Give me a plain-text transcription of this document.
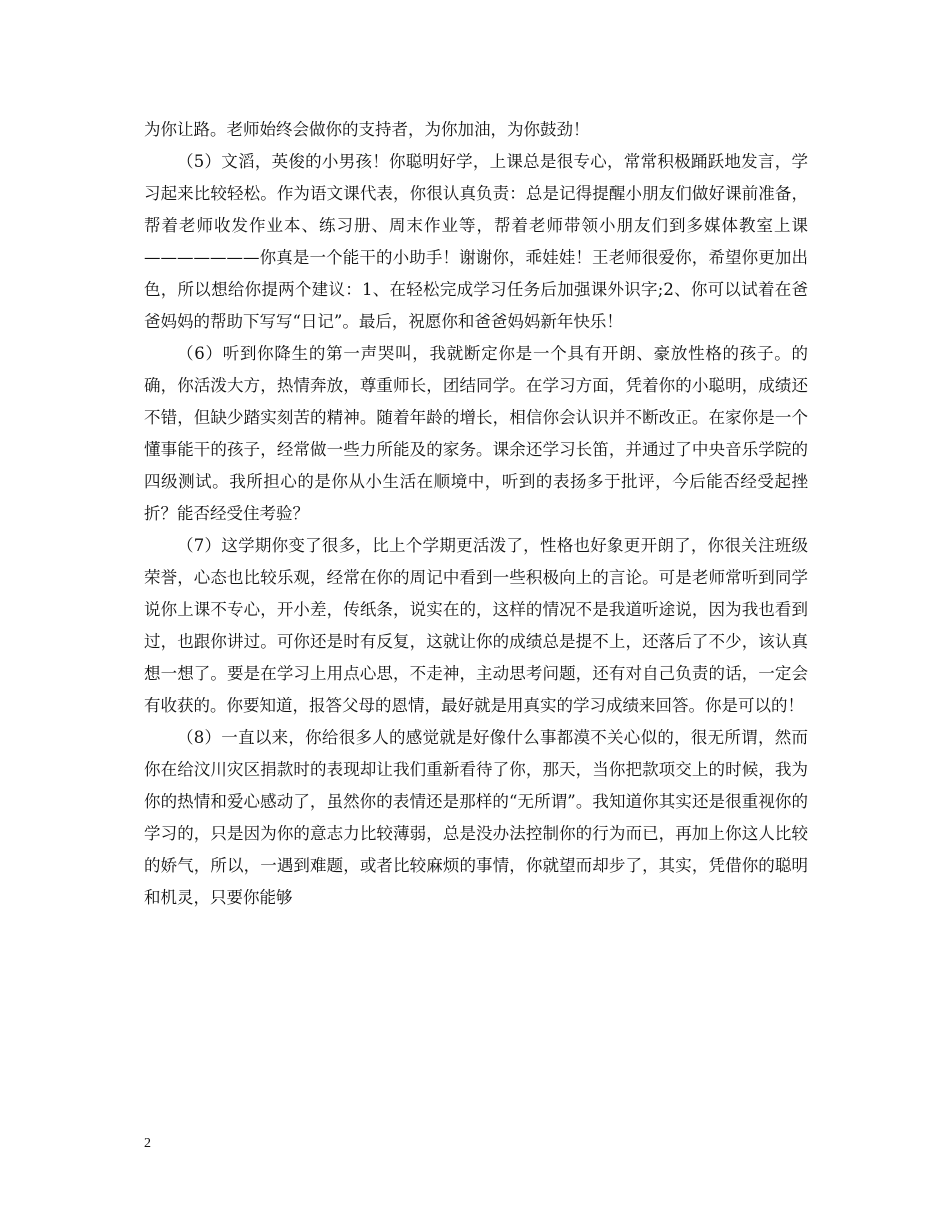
为你让路。老师始终会做你的支持者，为你加油，为你鼓劲！

（5）文滔，英俊的小男孩！你聪明好学，上课总是很专心，常常积极踊跃地发言，学习起来比较轻松。作为语文课代表，你很认真负责：总是记得提醒小朋友们做好课前准备，帮着老师收发作业本、练习册、周末作业等，帮着老师带领小朋友们到多媒体教室上课———————你真是一个能干的小助手！谢谢你，乖娃娃！王老师很爱你，希望你更加出色，所以想给你提两个建议：1、在轻松完成学习任务后加强课外识字;2、你可以试着在爸爸妈妈的帮助下写写“日记”。最后，祝愿你和爸爸妈妈新年快乐！

（6）听到你降生的第一声哭叫，我就断定你是一个具有开朗、豪放性格的孩子。的确，你活泼大方，热情奔放，尊重师长，团结同学。在学习方面，凭着你的小聪明，成绩还不错，但缺少踏实刻苦的精神。随着年龄的增长，相信你会认识并不断改正。在家你是一个懂事能干的孩子，经常做一些力所能及的家务。课余还学习长笛，并通过了中央音乐学院的四级测试。我所担心的是你从小生活在顺境中，听到的表扬多于批评，今后能否经受起挫折？能否经受住考验？

（7）这学期你变了很多，比上个学期更活泼了，性格也好象更开朗了，你很关注班级荣誉，心态也比较乐观，经常在你的周记中看到一些积极向上的言论。可是老师常听到同学说你上课不专心，开小差，传纸条，说实在的，这样的情况不是我道听途说，因为我也看到过，也跟你讲过。可你还是时有反复，这就让你的成绩总是提不上，还落后了不少，该认真想一想了。要是在学习上用点心思，不走神，主动思考问题，还有对自己负责的话，一定会有收获的。你要知道，报答父母的恩情，最好就是用真实的学习成绩来回答。你是可以的！

（8）一直以来，你给很多人的感觉就是好像什么事都漠不关心似的，很无所谓，然而你在给汶川灾区捐款时的表现却让我们重新看待了你，那天，当你把款项交上的时候，我为你的热情和爱心感动了，虽然你的表情还是那样的“无所谓”。我知道你其实还是很重视你的学习的，只是因为你的意志力比较薄弱，总是没办法控制你的行为而已，再加上你这人比较的娇气，所以，一遇到难题，或者比较麻烦的事情，你就望而却步了，其实，凭借你的聪明和机灵，只要你能够

2
